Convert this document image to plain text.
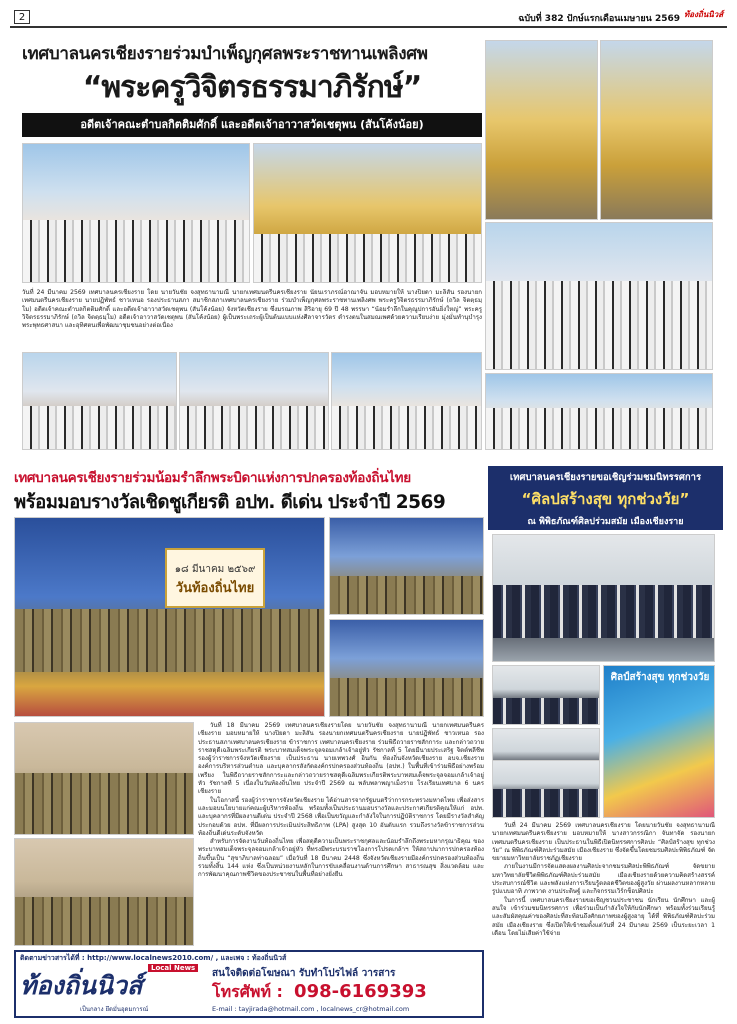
2	ฉบับที่ 382 ปักษ์แรกเดือนเมษายน 2569 ท้องถิ่นนิวส์
เทศบาลนครเชียงรายร่วมบำเพ็ญกุศลพระราชทานเพลิงศพ
“พระครูวิจิตรธรรมาภิรักษ์”
อดีตเจ้าคณะตำบลกิตติมศักดิ์ และอดีตเจ้าอาวาสวัดเชตุพน (สันโค้งน้อย)
วันที่ 24 มีนาคม 2569 เทศบาลนครเชียงราย โดย นายวันชัย จงสุทธานามณี นายกเทศมนตรีนครเชียงราย นัยนเราภรณ์อาณาจัน มอบหมายให้ นางปิยดา มะลิสัน รองนายกเทศมนตรีนครเชียงราย นายปฏิพัทธ์ ชาวเหนอ รองประธานสภา สมาชิกสภาเทศบาลนครเชียงราย ร่วมบำเพ็ญกุศลพระราชทานเพลิงศพ พระครูวิจิตรธรรมาภิรักษ์ (ถวิล จิตตฺธมฺโม) อดีตเจ้าคณะตำบลกิตติมศักดิ์ และอดีตเจ้าอาวาสวัดเชตุพน (สันโค้งน้อย) จังหวัดเชียงราย ซึ่งมรณภาพ สิริอายุ 69 ปี 48 พรรษา “น้อมรำลึกในคุณูปการอันยิ่งใหญ่” พระครูวิจิตรธรรมาภิรักษ์ (ถวิล จิตตฺธมฺโม) อดีตเจ้าอาวาสวัดเชตุพน (สันโค้งน้อย) ผู้เป็นพระเถระผู้เป็นต้นแบบแห่งศีลาจารวัตร ดำรงตนในสมณเพศด้วยความเรียบง่าย มุ่งมั่นทำนุบำรุงพระพุทธศาสนา และอุทิศตนเพื่อพัฒนาชุมชนอย่างต่อเนื่อง
เทศบาลนครเชียงรายร่วมน้อมรำลึกพระบิดาแห่งการปกครองท้องถิ่นไทย
พร้อมมอบรางวัลเชิดชูเกียรติ อปท. ดีเด่น ประจำปี 2569
๑๘ มีนาคม ๒๕๖๙
วันท้องถิ่นไทย

วันที่ 18 มีนาคม 2569 เทศบาลนครเชียงรายโดย นายวันชัย จงสุทธานามณี นายกเทศมนตรีนครเชียงราย มอบหมายให้ นางปิยดา มะลิสัน รองนายกเทศมนตรีนครเชียงราย นายปฏิพัทธ์ ชาวเหนอ รองประธานสภาเทศบาลนครเชียงราย ข้าราชการ เทศบาลนครเชียงราย ร่วมพิธีถวายราชสักการะ และกล่าวถวายราชสดุดีเฉลิมพระเกียรติ พระบาทสมเด็จพระจุลจอมเกล้าเจ้าอยู่หัว รัชกาลที่ 5 โดยมีนายประเสริฐ จิตต์พลีชีพ รองผู้ว่าราชการจังหวัดเชียงราย เป็นประธาน นายเทพวงศ์ อินกัน ท้องถิ่นจังหวัดเชียงราย อบจ.เชียงราย องค์การบริหารส่วนตำบล และบุคลากรสังกัดองค์กรปกครองส่วนท้องถิ่น (อปท.) ในพื้นที่เข้าร่วมพิธีอย่างพร้อมเพรียง ในพิธีถวายราชสักการะและกล่าวถวายราชสดุดีเฉลิมพระเกียรติพระบาทสมเด็จพระจุลจอมเกล้าเจ้าอยู่หัว รัชกาลที่ 5 เนื่องในวันท้องถิ่นไทย ประจำปี 2569 ณ พลับพลาพญาเม็งราย โรงเรียนเทศบาล 6 นครเชียงราย

ในโอกาสนี้ รองผู้ว่าราชการจังหวัดเชียงราย ได้อ่านสารจากรัฐมนตรีว่าการกระทรวงมหาดไทย เพื่อส่งสารและมอบนโยบายแก่คณะผู้บริหารท้องถิ่น พร้อมทั้งเป็นประธานมอบรางวัลและประกาศเกียรติคุณให้แก่ อปท. และบุคลากรที่มีผลงานดีเด่น ประจำปี 2568 เพื่อเป็นขวัญและกำลังใจในการปฏิบัติราชการ โดยมีรางวัลสำคัญประกอบด้วย อปท. ที่มีผลการประเมินประสิทธิภาพ (LPA) สูงสุด 10 อันดับแรก รวมถึงรางวัลข้าราชการส่วนท้องถิ่นดีเด่นระดับจังหวัด

สำหรับการจัดงานวันท้องถิ่นไทย เพื่อสดุดีความเป็นพระราชกุศลและน้อมรำลึกถึงพระมหากรุณาธิคุณ ของ พระบาทสมเด็จพระจุลจอมเกล้าเจ้าอยู่หัว ที่ทรงมีพระบรมราชโองการโปรดเกล้าฯ ให้สถาปนาการปกครองท้องถิ่นขึ้นเป็น “สุขาภิบาลท่าฉลอม” เมื่อวันที่ 18 มีนาคม 2448 ซึ่งจังหวัดเชียงรายมีองค์กรปกครองส่วนท้องถิ่นรวมทั้งสิ้น 144 แห่ง ซึ่งเป็นหน่วยงานหลักในการขับเคลื่อนงานด้านการศึกษา สาธารณสุข สิ่งแวดล้อม และการพัฒนาคุณภาพชีวิตของประชาชนในพื้นที่อย่างยั่งยืน

เทศบาลนครเชียงรายขอเชิญร่วมชมนิทรรศการ
“ศิลปสร้างสุข ทุกช่วงวัย”
ณ พิพิธภัณฑ์ศิลปร่วมสมัย เมืองเชียงราย
ศิลป์สร้างสุข ทุกช่วงวัย

วันที่ 24 มีนาคม 2569 เทศบาลนครเชียงราย โดยนายวันชัย จงสุทธานามณี นายกเทศมนตรีนครเชียงราย มอบหมายให้ นางสาวกรรณิกา จันทาจัด รองนายกเทศมนตรีนครเชียงราย เป็นประธานในพิธีเปิดนิทรรศการศิลปะ “ศิลป์สร้างสุข ทุกช่วงวัย” ณ พิพิธภัณฑ์ศิลปะร่วมสมัย เมืองเชียงราย ซึ่งจัดขึ้นโดยชมรมศิลปะพิพิธภัณฑ์ จัดขยายมหาวิทยาลัยราชภัฏเชียงราย

ภายในงานมีการจัดแสดงผลงานศิลปะจากชมรมศิลปะพิพิธภัณฑ์ จัดขยายมหาวิทยาลัยชีวิตพิพิธภัณฑ์ศิลปะร่วมสมัย เมืองเชียงรายด้วยความคิดสร้างสรรค์ ประสบการณ์ชีวิต และพลังแห่งการเรียนรู้ตลอดชีวิตของผู้สูงวัย ผ่านผลงานหลากหลายรูปแบบอาทิ ภาพวาด งานประดิษฐ์ และกิจกรรมเวิร์กช็อปศิลปะ

ในการนี้ เทศบาลนครเชียงรายขอเชิญชวนประชาชน นักเรียน นักศึกษา และผู้สนใจ เข้าร่วมชมนิทรรศการ เพื่อร่วมเป็นกำลังใจให้กับนักศึกษา พร้อมทั้งร่วมเรียนรู้และสัมผัสคุณค่าของศิลปะที่สะท้อนถึงศักยภาพของผู้สูงอายุ ได้ที่ พิพิธภัณฑ์ศิลปะร่วมสมัย เมืองเชียงราย ซึ่งเปิดให้เข้าชมตั้งแต่วันที่ 24 มีนาคม 2569 เป็นระยะเวลา 1 เดือน โดยไม่เสียค่าใช้จ่าย

ติดตามข่าวสารได้ที่ : http://www.localnews2010.com/ , และเพจ : ท้องถิ่นนิวส์
ท้องถิ่นนิวส์
Local News
เป็นกลาง ยึดมั่นอุดมการณ์
สนใจติดต่อโฆษณา รับทำโปรไฟล์ วารสาร
โทรศัพท์ : 098-6169393
E-mail : tayjirada@hotmail.com , localnews_cr@hotmail.com
